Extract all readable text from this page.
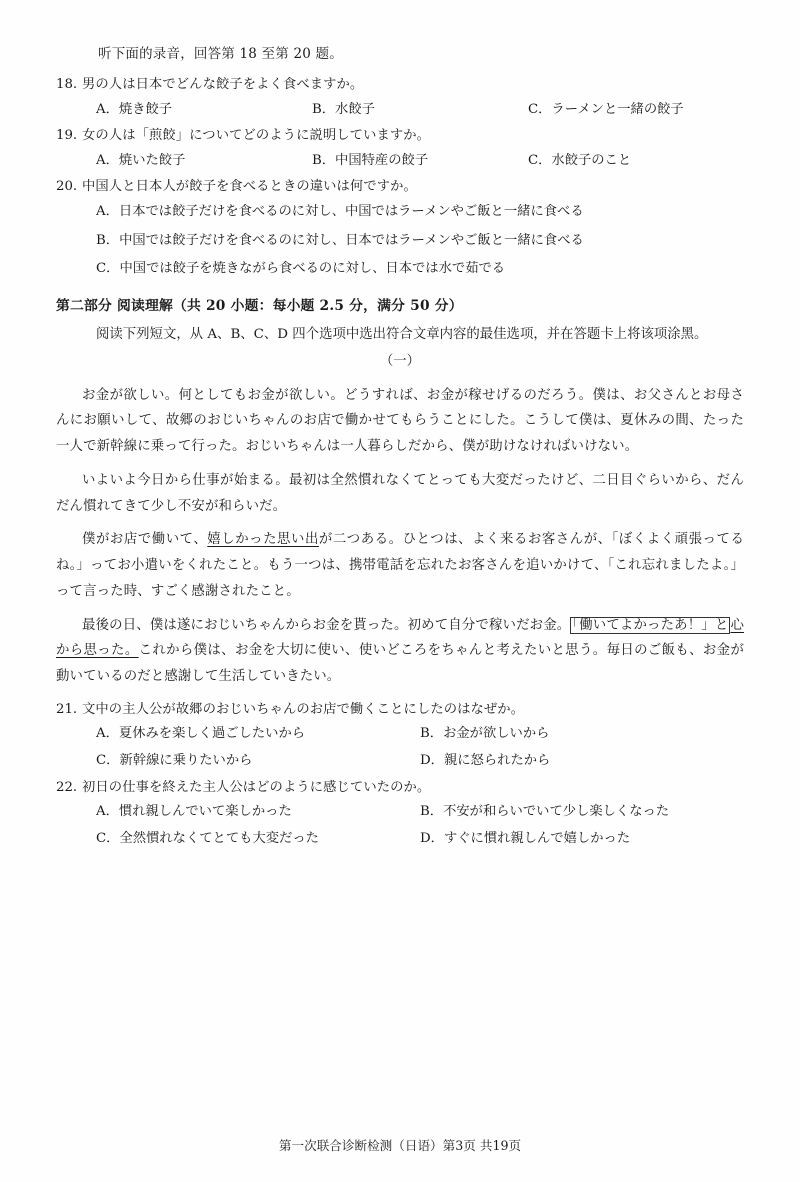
听下面的录音，回答第 18 至第 20 题。
18. 男の人は日本でどんな餃子をよく食べますか。
A．焼き餃子	B．水餃子	C．ラーメンと一緒の餃子
19. 女の人は「煎餃」についてどのように説明していますか。
A．焼いた餃子	B．中国特産の餃子	C．水餃子のこと
20. 中国人と日本人が餃子を食べるときの違いは何ですか。
A．日本では餃子だけを食べるのに対し、中国ではラーメンやご飯と一緒に食べる
B．中国では餃子だけを食べるのに対し、日本ではラーメンやご飯と一緒に食べる
C．中国では餃子を焼きながら食べるのに対し、日本では水で茹でる
第二部分 阅读理解（共 20 小题：每小题 2.5 分，满分 50 分）
阅读下列短文，从 A、B、C、D 四个选项中选出符合文章内容的最佳选项，并在答题卡上将该项涂黑。
（一）
お金が欲しい。何としてもお金が欲しい。どうすれば、お金が稼せげるのだろう。僕は、お父さんとお母さんにお願いして、故郷のおじいちゃんのお店で働かせてもらうことにした。こうして僕は、夏休みの間、たった一人で新幹線に乗って行った。おじいちゃんは一人暮らしだから、僕が助けなければいけない。
いよいよ今日から仕事が始まる。最初は全然慣れなくてとっても大変だったけど、二日目ぐらいから、だんだん慣れてきて少し不安が和らいだ。
僕がお店で働いて、嬉しかった思い出が二つある。ひとつは、よく来るお客さんが、「ぼくよく頑張ってるね。」ってお小遣いをくれたこと。もう一つは、携帯電話を忘れたお客さんを追いかけて、「これ忘れましたよ。」って言った時、すごく感謝されたこと。
最後の日、僕は遂におじいちゃんからお金を貰った。初めて自分で稼いだお金。 「働いてよかったあ！」と 心から思った。これから僕は、お金を大切に使い、使いどころをちゃんと考えたいと思う。毎日のご飯も、お金が動いているのだと感謝して生活していきたい。
21. 文中の主人公が故郷のおじいちゃんのお店で働くことにしたのはなぜか。
A．夏休みを楽しく過ごしたいから	B．お金が欲しいから
C．新幹線に乗りたいから	D．親に怒られたから
22. 初日の仕事を終えた主人公はどのように感じていたのか。
A．慣れ親しんでいて楽しかった	B．不安が和らいでいて少し楽しくなった
C．全然慣れなくてとても大変だった	D．すぐに慣れ親しんで嬉しかった
第一次联合诊断检测（日语）第3页 共19页
